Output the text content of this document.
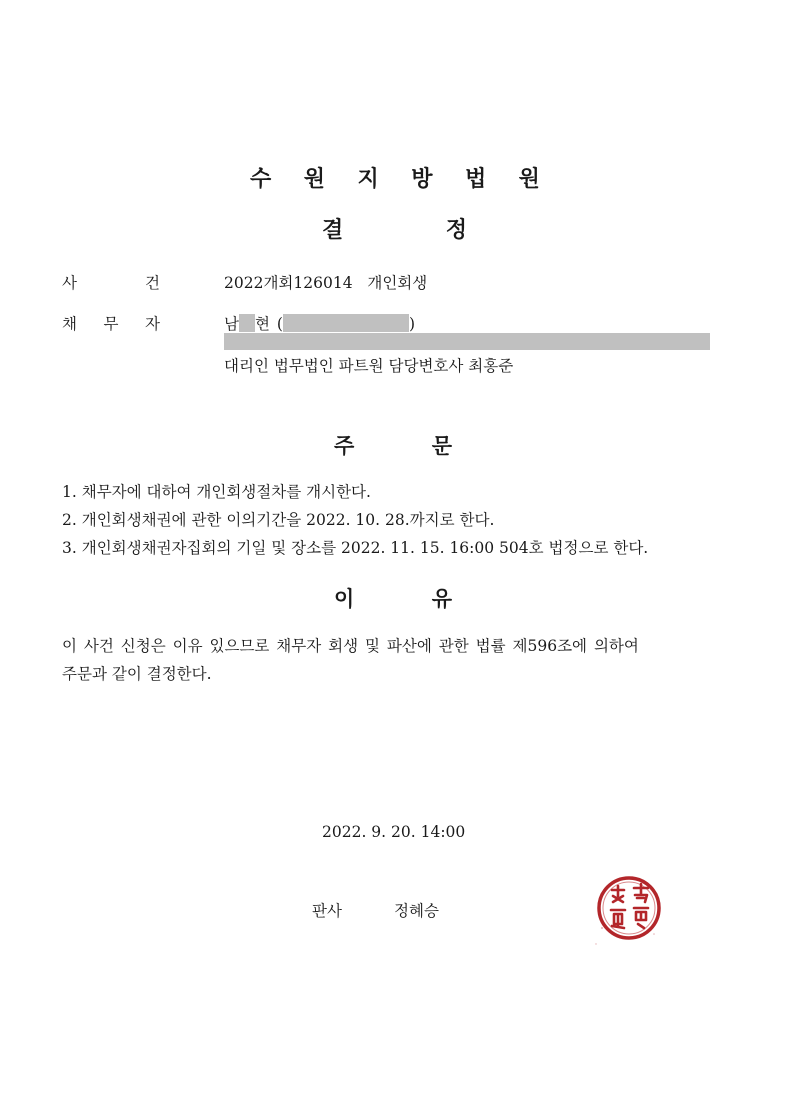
수 원 지 방 법 원
결	정
사	건	2022개회126014   개인회생
채 무 자	남 현 (	)
대리인 법무법인 파트원 담당변호사 최홍준
주	문
1. 채무자에 대하여 개인회생절차를 개시한다.
2. 개인회생채권에 관한 이의기간을 2022. 10. 28.까지로 한다.
3. 개인회생채권자집회의 기일 및 장소를 2022. 11. 15. 16:00 504호 법정으로 한다.
이	유
이 사건 신청은 이유 있으므로 채무자 회생 및 파산에 관한 법률 제596조에 의하여
주문과 같이 결정한다.
2022. 9. 20. 14:00
판사	정혜승
